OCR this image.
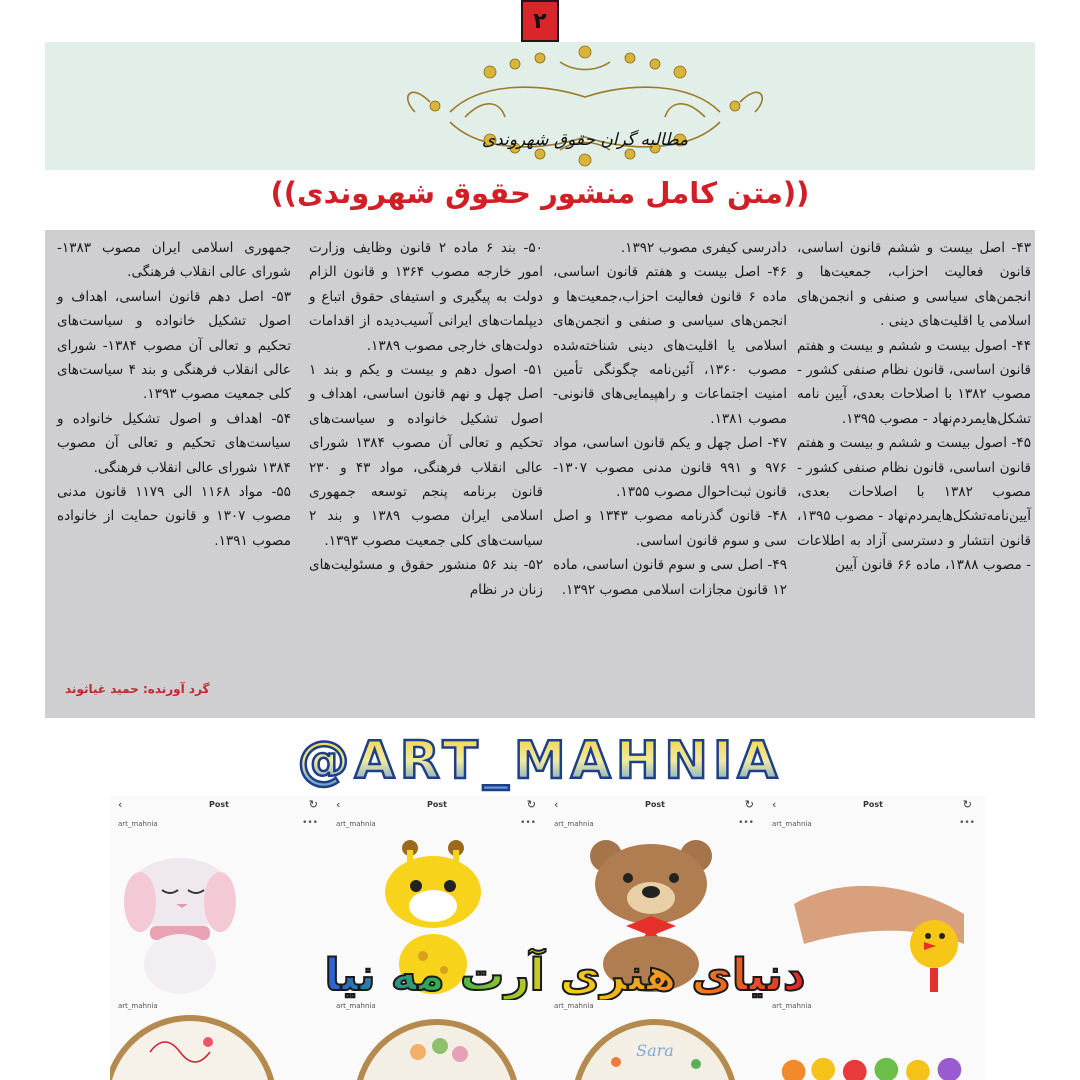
۲
مطالبه گران حقوق شهروندی
((متن کامل منشور حقوق شهروندی))

۴۳- اصل بیست و ششم قانون اساسی، قانون فعالیت احزاب، جمعیت‌ها و انجمن‌های سیاسی و صنفی و انجمن‌های اسلامی یا اقلیت‌های دینی .

۴۴- اصول بیست و ششم و بیست و هفتم قانون اساسی، قانون نظام صنفی کشور - مصوب ۱۳۸۲ با اصلاحات بعدی، آیین نامه تشکل‌هایمردم‌نهاد - مصوب ۱۳۹۵.

۴۵- اصول بیست و ششم و بیست و هفتم قانون اساسی، قانون نظام صنفی کشور - مصوب ۱۳۸۲ با اصلاحات بعدی، آیین‌نامه‌تشکل‌هایمردم‌نهاد - مصوب ۱۳۹۵، قانون انتشار و دسترسی آزاد به اطلاعات - مصوب ۱۳۸۸، ماده ۶۶ قانون آیین

دادرسی کیفری مصوب ۱۳۹۲.

۴۶- اصل بیست و هفتم قانون اساسی، ماده ۶ قانون فعالیت احزاب،جمعیت‌ها و انجمن‌های سیاسی و صنفی و انجمن‌های اسلامی یا اقلیت‌های دینی شناخته‌شده مصوب ۱۳۶۰، آئین‌نامه چگونگی تأمین امنیت اجتماعات و راهپیمایی‌های قانونی- مصوب ۱۳۸۱.

۴۷- اصل چهل و یکم قانون اساسی، مواد ۹۷۶ و ۹۹۱ قانون مدنی مصوب ۱۳۰۷- قانون ثبت‌احوال مصوب ۱۳۵۵.

۴۸- قانون گذرنامه مصوب ۱۳۴۳ و اصل سی و سوم قانون اساسی.

۴۹- اصل سی و سوم قانون اساسی، ماده ۱۲ قانون مجازات اسلامی مصوب ۱۳۹۲.

۵۰- بند ۶ ماده ۲ قانون وظایف وزارت امور خارجه مصوب ۱۳۶۴ و قانون الزام دولت به پیگیری و استیفای حقوق اتباع و دیپلمات‌های ایرانی آسیب‌دیده از اقدامات دولت‌های خارجی مصوب ۱۳۸۹.

۵۱- اصول دهم و بیست و یکم و بند ۱ اصل چهل و نهم قانون اساسی، اهداف و اصول تشکیل خانواده و سیاست‌های تحکیم و تعالی آن مصوب ۱۳۸۴ شورای عالی انقلاب فرهنگی، مواد ۴۳ و ۲۳۰ قانون برنامه پنجم توسعه جمهوری اسلامی ایران مصوب ۱۳۸۹ و بند ۲ سیاست‌های کلی جمعیت مصوب ۱۳۹۳.

۵۲- بند ۵۶ منشور حقوق و مسئولیت‌های زنان در نظام

جمهوری اسلامی ایران مصوب ۱۳۸۳- شورای عالی انقلاب فرهنگی.

۵۳- اصل دهم قانون اساسی، اهداف و اصول تشکیل خانواده و سیاست‌های تحکیم و تعالی آن مصوب ۱۳۸۴- شورای عالی انقلاب فرهنگی و بند ۴ سیاست‌های کلی جمعیت مصوب ۱۳۹۳.

۵۴- اهداف و اصول تشکیل خانواده و سیاست‌های تحکیم و تعالی آن مصوب ۱۳۸۴ شورای عالی انقلاب فرهنگی.

۵۵- مواد ۱۱۶۸ الی ۱۱۷۹ قانون مدنی مصوب ۱۳۰۷ و قانون حمایت از خانواده مصوب ۱۳۹۱.

گرد آورنده: حمید غیاثوند
@ART_MAHNIA
‹	Post	↻
art_mahnia	•••
art_mahnia
‹	Post	↻
art_mahnia	•••
art_mahnia
‹	Post	↻
art_mahnia	•••
art_mahnia
Sara
‹	Post	↻
art_mahnia	•••
art_mahnia
دنیای هنری آرت مه نیا
